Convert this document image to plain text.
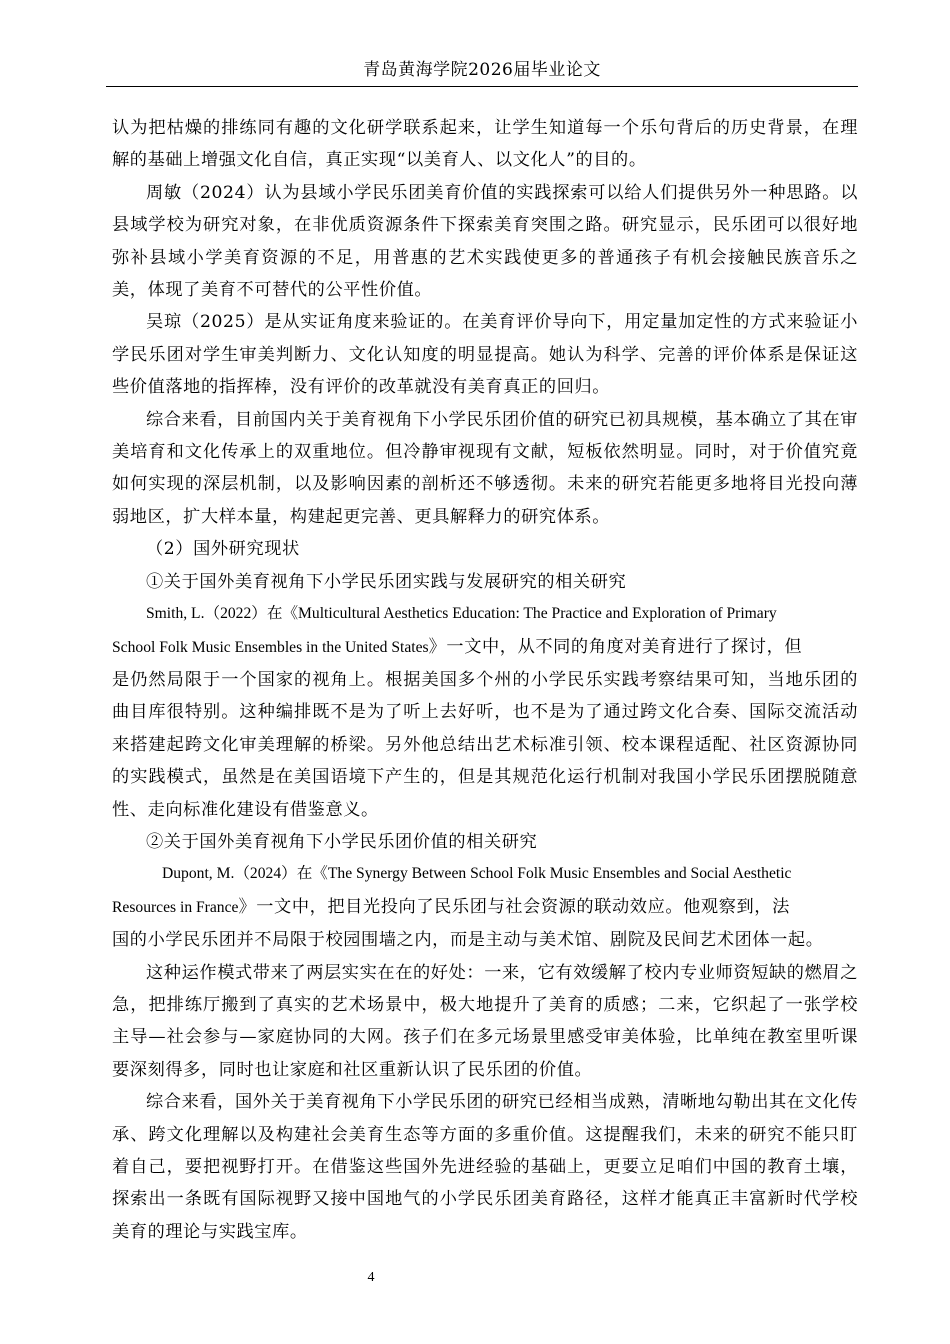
青岛黄海学院2026届毕业论文

认为把枯燥的排练同有趣的文化研学联系起来，让学生知道每一个乐句背后的历史背景，在理解的基础上增强文化自信，真正实现“以美育人、以文化人”的目的。

周敏（2024）认为县域小学民乐团美育价值的实践探索可以给人们提供另外一种思路。以县域学校为研究对象，在非优质资源条件下探索美育突围之路。研究显示，民乐团可以很好地弥补县域小学美育资源的不足，用普惠的艺术实践使更多的普通孩子有机会接触民族音乐之美，体现了美育不可替代的公平性价值。

吴琼（2025）是从实证角度来验证的。在美育评价导向下，用定量加定性的方式来验证小学民乐团对学生审美判断力、文化认知度的明显提高。她认为科学、完善的评价体系是保证这些价值落地的指挥棒，没有评价的改革就没有美育真正的回归。

综合来看，目前国内关于美育视角下小学民乐团价值的研究已初具规模，基本确立了其在审美培育和文化传承上的双重地位。但冷静审视现有文献，短板依然明显。同时，对于价值究竟如何实现的深层机制，以及影响因素的剖析还不够透彻。未来的研究若能更多地将目光投向薄弱地区，扩大样本量，构建起更完善、更具解释力的研究体系。

（2）国外研究现状

①关于国外美育视角下小学民乐团实践与发展研究的相关研究

Smith, L.（2022）在《Multicultural Aesthetics Education: The Practice and Exploration of Primary

School Folk Music Ensembles in the United States》一文中，从不同的角度对美育进行了探讨，但

是仍然局限于一个国家的视角上。根据美国多个州的小学民乐实践考察结果可知，当地乐团的曲目库很特别。这种编排既不是为了听上去好听，也不是为了通过跨文化合奏、国际交流活动来搭建起跨文化审美理解的桥梁。另外他总结出艺术标准引领、校本课程适配、社区资源协同的实践模式，虽然是在美国语境下产生的，但是其规范化运行机制对我国小学民乐团摆脱随意性、走向标准化建设有借鉴意义。

②关于国外美育视角下小学民乐团价值的相关研究

Dupont, M.（2024）在《The Synergy Between School Folk Music Ensembles and Social Aesthetic

Resources in France》一文中，把目光投向了民乐团与社会资源的联动效应。他观察到，法

国的小学民乐团并不局限于校园围墙之内，而是主动与美术馆、剧院及民间艺术团体一起。

这种运作模式带来了两层实实在在的好处：一来，它有效缓解了校内专业师资短缺的燃眉之急，把排练厅搬到了真实的艺术场景中，极大地提升了美育的质感；二来，它织起了一张学校主导—社会参与—家庭协同的大网。孩子们在多元场景里感受审美体验，比单纯在教室里听课要深刻得多，同时也让家庭和社区重新认识了民乐团的价值。

综合来看，国外关于美育视角下小学民乐团的研究已经相当成熟，清晰地勾勒出其在文化传承、跨文化理解以及构建社会美育生态等方面的多重价值。这提醒我们，未来的研究不能只盯着自己，要把视野打开。在借鉴这些国外先进经验的基础上，更要立足咱们中国的教育土壤，探索出一条既有国际视野又接中国地气的小学民乐团美育路径，这样才能真正丰富新时代学校美育的理论与实践宝库。

4
